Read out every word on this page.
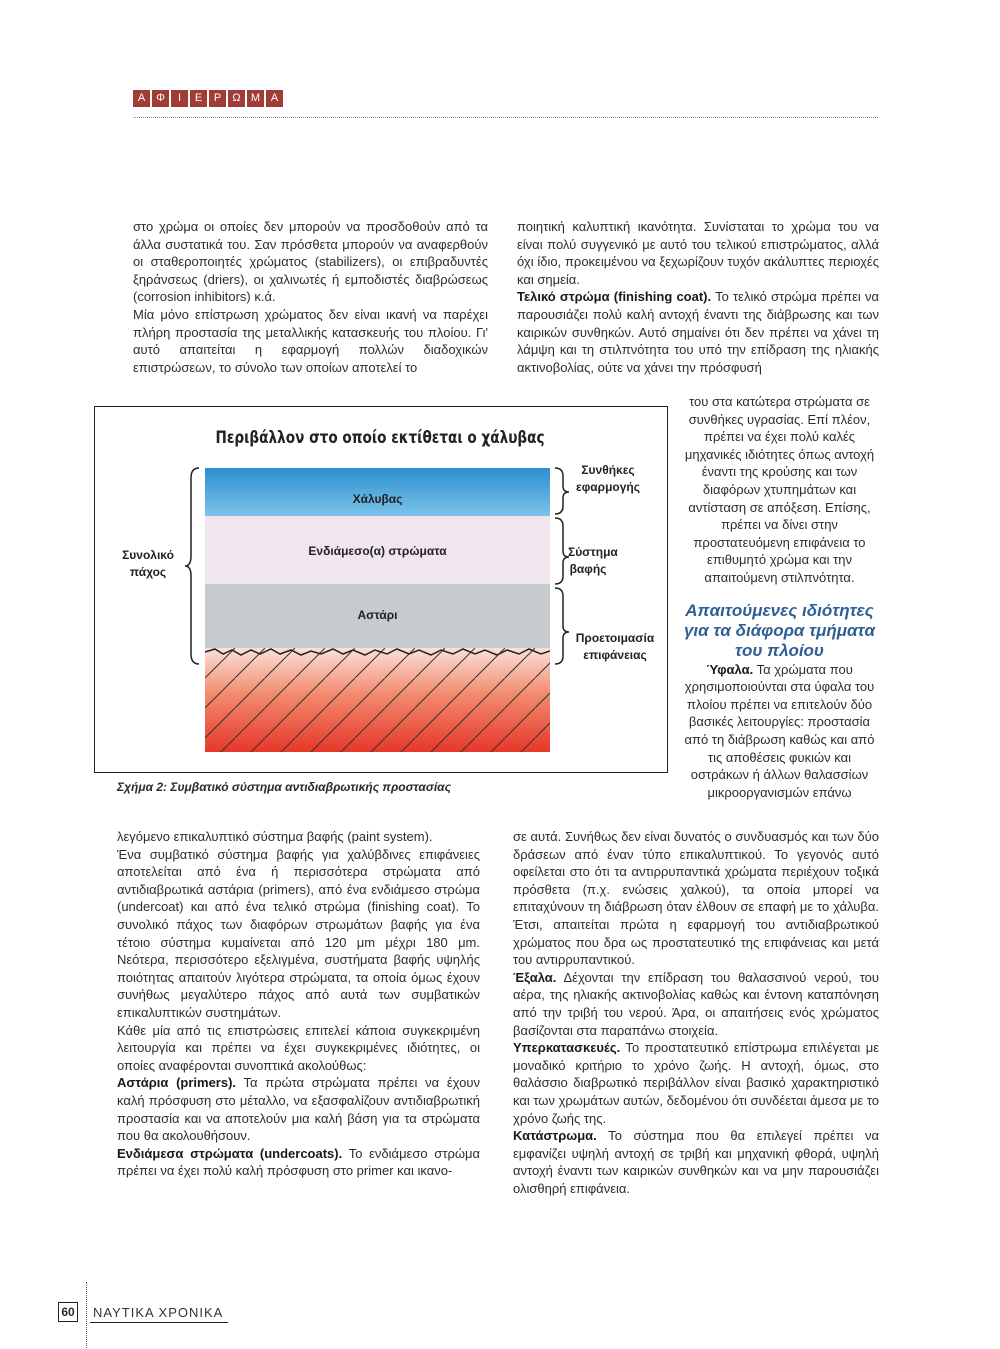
Α Φ	Ι	Ε	Ρ	Ω Μ Α

στο χρώμα οι οποίες δεν μπορούν να προσδοθούν από τα άλλα συστατικά του. Σαν πρόσθετα μπορούν να αναφερθούν οι σταθεροποιητές χρώματος (stabilizers), οι επιβραδυντές ξηράνσεως (driers), οι χαλινωτές ή εμποδιστές διαβρώσεως (corrosion inhibitors) κ.ά.

Μία μόνο επίστρωση χρώματος δεν είναι ικανή να παρέχει πλήρη προστασία της μεταλλικής κατασκευής του πλοίου. Γι' αυτό απαιτείται η εφαρμογή πολλών διαδοχικών επιστρώσεων, το σύνολο των οποίων αποτελεί το

ποιητική καλυπτική ικανότητα. Συνίσταται το χρώμα του να είναι πολύ συγγενικό με αυτό του τελικού επιστρώματος, αλλά όχι ίδιο, προκειμένου να ξεχωρίζουν τυχόν ακάλυπτες περιοχές και σημεία.

Τελικό στρώμα (finishing coat). Το τελικό στρώμα πρέπει να παρουσιάζει πολύ καλή αντοχή έναντι της διάβρωσης και των καιρικών συνθηκών. Αυτό σημαίνει ότι δεν πρέπει να χάνει τη λάμψη και τη στιλπνότητα του υπό την επίδραση της ηλιακής ακτινοβολίας, ούτε να χάνει την πρόσφυσή

του στα κατώτερα στρώματα σε συνθήκες υγρασίας. Επί πλέον, πρέπει να έχει πολύ καλές μηχανικές ιδιότητες όπως αντοχή έναντι της κρούσης και των διαφόρων χτυπημάτων και αντίσταση σε απόξεση. Επίσης, πρέπει να δίνει στην προστατευόμενη επιφάνεια το επιθυμητό χρώμα και την απαιτούμενη στιλπνότητα.

Απαιτούμενες ιδιότητες για τα διάφορα τμήματα του πλοίου

Ύφαλα. Τα χρώματα που χρησιμοποιούνται στα ύφαλα του πλοίου πρέπει να επιτελούν δύο βασικές λειτουργίες: προστασία από τη διάβρωση καθώς και από τις αποθέσεις φυκιών και οστράκων ή άλλων θαλασσίων μικροοργανισμών επάνω

Περιβάλλον στο οποίο εκτίθεται ο χάλυβας
Χάλυβας
Ενδιάμεσο(α) στρώματα
Αστάρι
Συνολικό
πάχος
Συνθήκες
εφαρμογής
Σύστημα
βαφής
Προετοιμασία
επιφάνειας
Σχήμα 2: Συμβατικό σύστημα αντιδιαβρωτικής προστασίας

λεγόμενο επικαλυπτικό σύστημα βαφής (paint system).

Ένα συμβατικό σύστημα βαφής για χαλύβδινες επιφάνειες αποτελείται από ένα ή περισσότερα στρώματα από αντιδιαβρωτικά αστάρια (primers), από ένα ενδιάμεσο στρώμα (undercoat) και από ένα τελικό στρώμα (finishing coat). Το συνολικό πάχος των διαφόρων στρωμάτων βαφής για ένα τέτοιο σύστημα κυμαίνεται από 120 μm μέχρι 180 μm. Νεότερα, περισσότερο εξελιγμένα, συστήματα βαφής υψηλής ποιότητας απαιτούν λιγότερα στρώματα, τα οποία όμως έχουν συνήθως μεγαλύτερο πάχος από αυτά των συμβατικών επικαλυπτικών συστημάτων.

Κάθε μία από τις επιστρώσεις επιτελεί κάποια συγκεκριμένη λειτουργία και πρέπει να έχει συγκεκριμένες ιδιότητες, οι οποίες αναφέρονται συνοπτικά ακολούθως:

Αστάρια (primers). Τα πρώτα στρώματα πρέπει να έχουν καλή πρόσφυση στο μέταλλο, να εξασφαλίζουν αντιδιαβρωτική προστασία και να αποτελούν μια καλή βάση για τα στρώματα που θα ακολουθήσουν.

Ενδιάμεσα στρώματα (undercoats). Το ενδιάμεσο στρώμα πρέπει να έχει πολύ καλή πρόσφυση στο primer και ικανο-

σε αυτά. Συνήθως δεν είναι δυνατός ο συνδυασμός και των δύο δράσεων από έναν τύπο επικαλυπτικού. Το γεγονός αυτό οφείλεται στο ότι τα αντιρρυπαντικά χρώματα περιέχουν τοξικά πρόσθετα (π.χ. ενώσεις χαλκού), τα οποία μπορεί να επιταχύνουν τη διάβρωση όταν έλθουν σε επαφή με το χάλυβα. Έτσι, απαιτείται πρώτα η εφαρμογή του αντιδιαβρωτικού χρώματος που δρα ως προστατευτικό της επιφάνειας και μετά του αντιρρυπαντικού.

Έξαλα. Δέχονται την επίδραση του θαλασσινού νερού, του αέρα, της ηλιακής ακτινοβολίας καθώς και έντονη καταπόνηση από την τριβή του νερού. Άρα, οι απαιτήσεις ενός χρώματος βασίζονται στα παραπάνω στοιχεία.

Υπερκατασκευές. Το προστατευτικό επίστρωμα επιλέγεται με μοναδικό κριτήριο το χρόνο ζωής. Η αντοχή, όμως, στο θαλάσσιο διαβρωτικό περιβάλλον είναι βασικό χαρακτηριστικό και των χρωμάτων αυτών, δεδομένου ότι συνδέεται άμεσα με το χρόνο ζωής της.

Κατάστρωμα. Το σύστημα που θα επιλεγεί πρέπει να εμφανίζει υψηλή αντοχή σε τριβή και μηχανική φθορά, υψηλή αντοχή έναντι των καιρικών συνθηκών και να μην παρουσιάζει ολισθηρή επιφάνεια.

60 ΝΑΥΤΙΚΑ ΧΡΟΝΙΚΑ
